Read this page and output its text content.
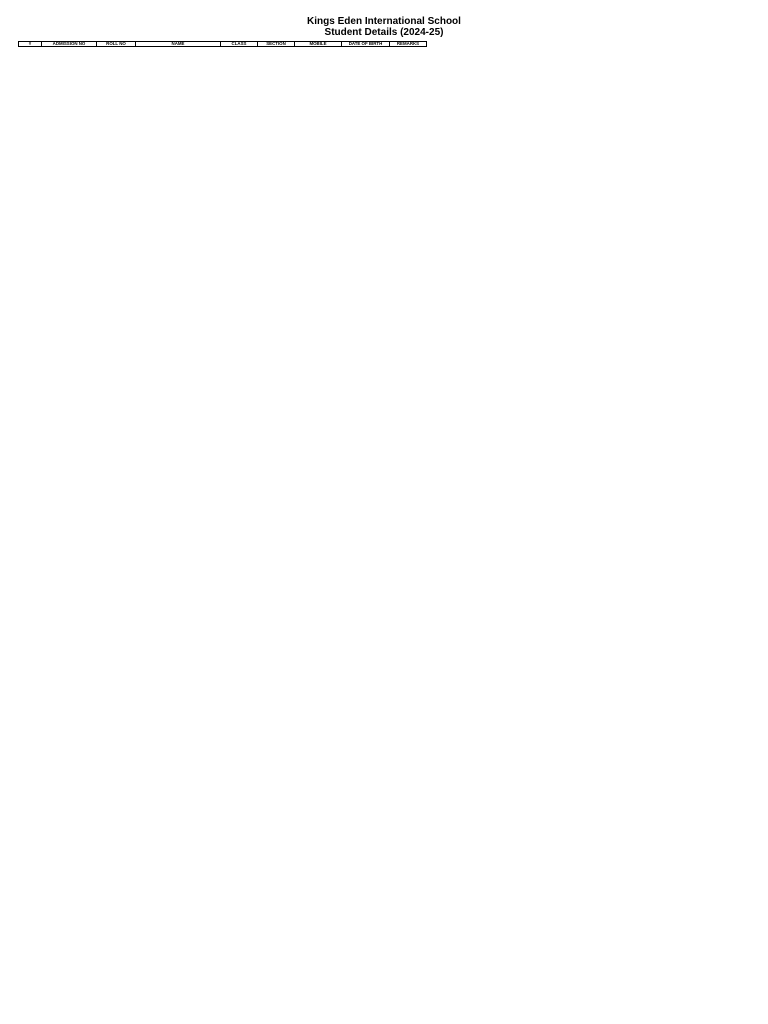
Kings Eden International School
Student Details (2024-25)
#	ADMISSION NO	ROLL NO	NAME	CLASS	SECTION	MOBILE	DATE OF BIRTH	REMARKS
